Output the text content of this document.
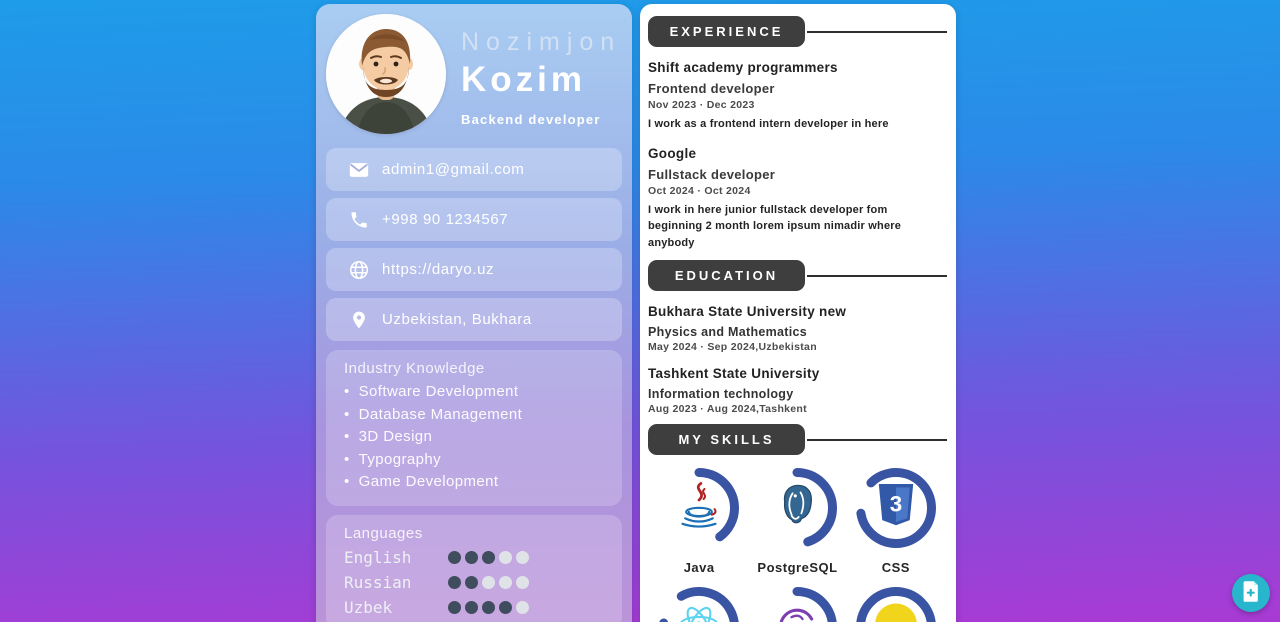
Nozimjon
Kozim
Backend developer
admin1@gmail.com
+998 90 1234567
https://daryo.uz
Uzbekistan, Bukhara
Industry Knowledge
• Software Development
• Database Management
• 3D Design
• Typography
• Game Development
Languages
English
Russian
Uzbek
EXPERIENCE
Shift academy programmers
Frontend developer
Nov 2023 · Dec 2023
I work as a frontend intern developer in here
Google
Fullstack developer
Oct 2024 · Oct 2024
I work in here junior fullstack developer fom beginning 2 month lorem ipsum nimadir where anybody
EDUCATION
Bukhara State University new
Physics and Mathematics
May 2024 · Sep 2024,Uzbekistan
Tashkent State University
Information technology
Aug 2023 · Aug 2024,Tashkent
MY SKILLS
Java	PostgreSQL
3
CSS
